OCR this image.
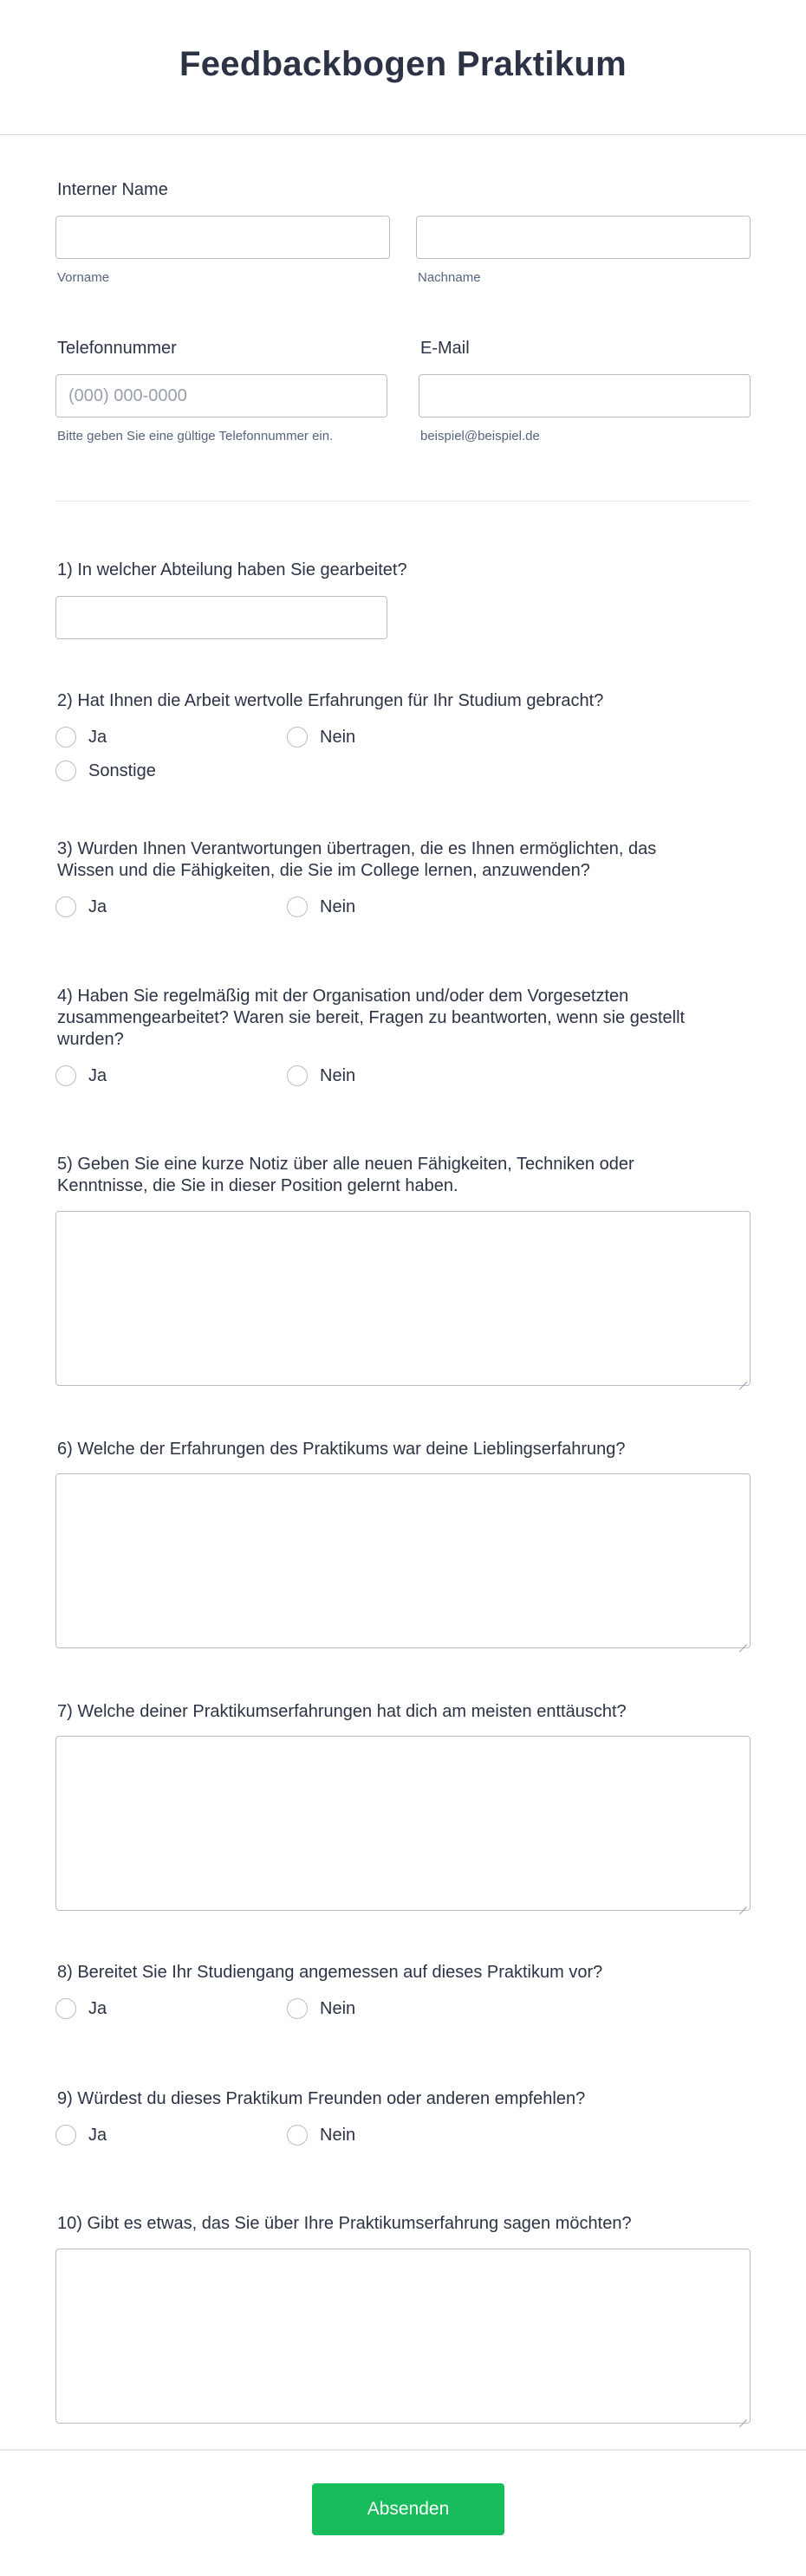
Feedbackbogen Praktikum
Interner Name
Vorname	Nachname
Telefonnummer	E-Mail
(000) 000-0000
Bitte geben Sie eine gültige Telefonnummer ein.	beispiel@beispiel.de
1) In welcher Abteilung haben Sie gearbeitet?
2) Hat Ihnen die Arbeit wertvolle Erfahrungen für Ihr Studium gebracht?
Ja	Nein
Sonstige
3) Wurden Ihnen Verantwortungen übertragen, die es Ihnen ermöglichten, das
Wissen und die Fähigkeiten, die Sie im College lernen, anzuwenden?
Ja	Nein
4) Haben Sie regelmäßig mit der Organisation und/oder dem Vorgesetzten
zusammengearbeitet? Waren sie bereit, Fragen zu beantworten, wenn sie gestellt
wurden?
Ja	Nein
5) Geben Sie eine kurze Notiz über alle neuen Fähigkeiten, Techniken oder
Kenntnisse, die Sie in dieser Position gelernt haben.
6) Welche der Erfahrungen des Praktikums war deine Lieblingserfahrung?
7) Welche deiner Praktikumserfahrungen hat dich am meisten enttäuscht?
8) Bereitet Sie Ihr Studiengang angemessen auf dieses Praktikum vor?
Ja	Nein
9) Würdest du dieses Praktikum Freunden oder anderen empfehlen?
Ja	Nein
10) Gibt es etwas, das Sie über Ihre Praktikumserfahrung sagen möchten?
Absenden
